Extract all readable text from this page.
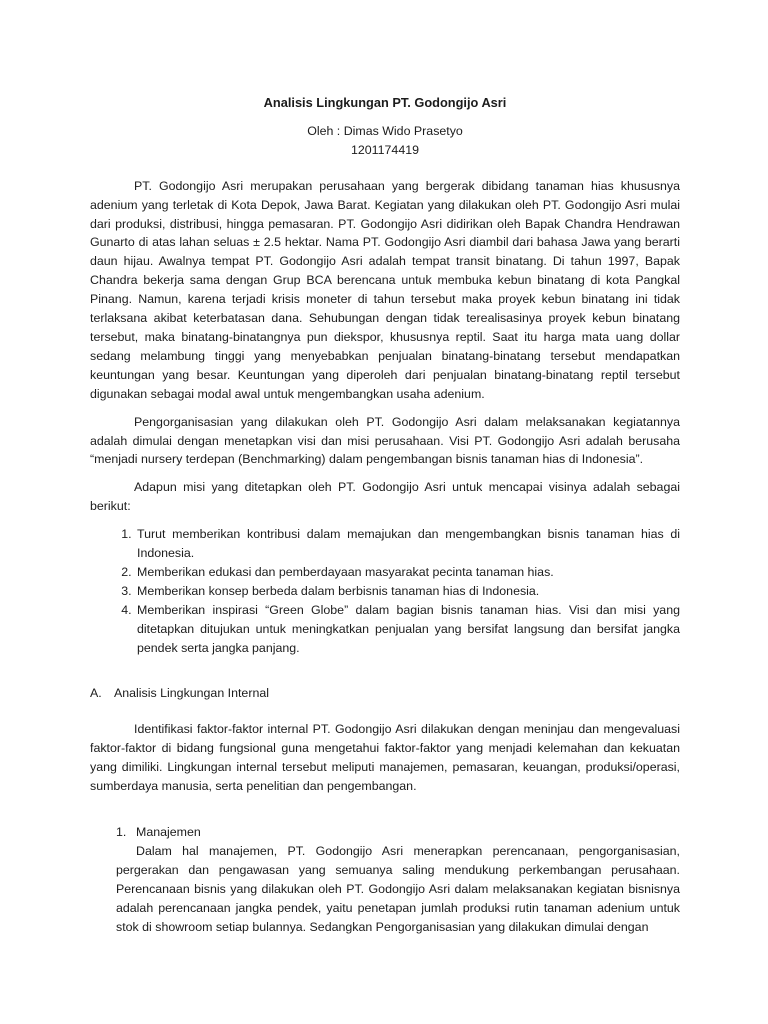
Analisis Lingkungan PT. Godongijo Asri

Oleh : Dimas Wido Prasetyo

1201174419

PT. Godongijo Asri merupakan perusahaan yang bergerak dibidang tanaman hias khususnya adenium yang terletak di Kota Depok, Jawa Barat. Kegiatan yang dilakukan oleh PT. Godongijo Asri mulai dari produksi, distribusi, hingga pemasaran. PT. Godongijo Asri didirikan oleh Bapak Chandra Hendrawan Gunarto di atas lahan seluas ± 2.5 hektar. Nama PT. Godongijo Asri diambil dari bahasa Jawa yang berarti daun hijau. Awalnya tempat PT. Godongijo Asri adalah tempat transit binatang. Di tahun 1997, Bapak Chandra bekerja sama dengan Grup BCA berencana untuk membuka kebun binatang di kota Pangkal Pinang. Namun, karena terjadi krisis moneter di tahun tersebut maka proyek kebun binatang ini tidak terlaksana akibat keterbatasan dana. Sehubungan dengan tidak terealisasinya proyek kebun binatang tersebut, maka binatang-binatangnya pun diekspor, khususnya reptil. Saat itu harga mata uang dollar sedang melambung tinggi yang menyebabkan penjualan binatang-binatang tersebut mendapatkan keuntungan yang besar. Keuntungan yang diperoleh dari penjualan binatang-binatang reptil tersebut digunakan sebagai modal awal untuk mengembangkan usaha adenium.

Pengorganisasian yang dilakukan oleh PT. Godongijo Asri dalam melaksanakan kegiatannya adalah dimulai dengan menetapkan visi dan misi perusahaan. Visi PT. Godongijo Asri adalah berusaha “menjadi nursery terdepan (Benchmarking) dalam pengembangan bisnis tanaman hias di Indonesia”.

Adapun misi yang ditetapkan oleh PT. Godongijo Asri untuk mencapai visinya adalah sebagai berikut:

1. Turut memberikan kontribusi dalam memajukan dan mengembangkan bisnis tanaman hias di Indonesia.
2. Memberikan edukasi dan pemberdayaan masyarakat pecinta tanaman hias.
3. Memberikan konsep berbeda dalam berbisnis tanaman hias di Indonesia.
4. Memberikan inspirasi “Green Globe” dalam bagian bisnis tanaman hias. Visi dan misi yang ditetapkan ditujukan untuk meningkatkan penjualan yang bersifat langsung dan bersifat jangka pendek serta jangka panjang.
A. Analisis Lingkungan Internal

Identifikasi faktor-faktor internal PT. Godongijo Asri dilakukan dengan meninjau dan mengevaluasi faktor-faktor di bidang fungsional guna mengetahui faktor-faktor yang menjadi kelemahan dan kekuatan yang dimiliki. Lingkungan internal tersebut meliputi manajemen, pemasaran, keuangan, produksi/operasi, sumberdaya manusia, serta penelitian dan pengembangan.

1. Manajemen

Dalam hal manajemen, PT. Godongijo Asri menerapkan perencanaan, pengorganisasian, pergerakan dan pengawasan yang semuanya saling mendukung perkembangan perusahaan. Perencanaan bisnis yang dilakukan oleh PT. Godongijo Asri dalam melaksanakan kegiatan bisnisnya adalah perencanaan jangka pendek, yaitu penetapan jumlah produksi rutin tanaman adenium untuk stok di showroom setiap bulannya. Sedangkan Pengorganisasian yang dilakukan dimulai dengan
